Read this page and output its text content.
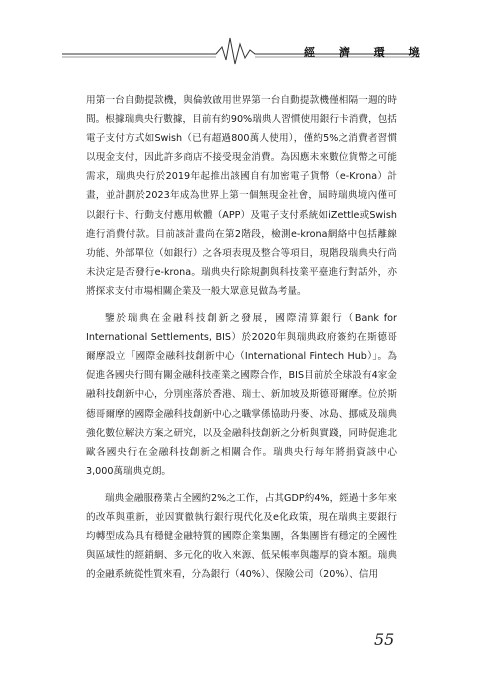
經 濟 環 境

用第一台自動提款機，與倫敦啟用世界第一台自動提款機僅相隔一週的時間。根據瑞典央行數據，目前有約90%瑞典人習慣使用銀行卡消費，包括電子支付方式如Swish（已有超過800萬人使用），僅約5%之消費者習慣以現金支付，因此許多商店不接受現金消費。為因應未來數位貨幣之可能需求，瑞典央行於2019年起推出該國自有加密電子貨幣（e-Krona）計畫，並計劃於2023年成為世界上第一個無現金社會，屆時瑞典境內僅可以銀行卡、行動支付應用軟體（APP）及電子支付系統如iZettle或Swish進行消費付款。目前該計畫尚在第2階段，檢測e-krona網絡中包括離線功能、外部單位（如銀行）之各項表現及整合等項目，現階段瑞典央行尚未決定是否發行e-krona。瑞典央行除規劃與科技業平臺進行對話外，亦將探求支付市場相關企業及一般大眾意見做為考量。

鑒於瑞典在金融科技創新之發展，國際清算銀行（Bank for International Settlements, BIS）於2020年與瑞典政府簽約在斯德哥爾摩設立「國際金融科技創新中心（International Fintech Hub）」。為促進各國央行間有關金融科技產業之國際合作，BIS目前於全球設有4家金融科技創新中心，分別座落於香港、瑞士、新加坡及斯德哥爾摩。位於斯德哥爾摩的國際金融科技創新中心之職掌係協助丹麥、冰島、挪威及瑞典強化數位解決方案之研究，以及金融科技創新之分析與實踐，同時促進北歐各國央行在金融科技創新之相關合作。瑞典央行每年將捐資該中心3,000萬瑞典克朗。

瑞典金融服務業占全國約2%之工作，占其GDP約4%，經過十多年來的改革與重新，並因實徹執行銀行現代化及e化政策，現在瑞典主要銀行均轉型成為具有穩健金融特質的國際企業集團，各集團皆有穩定的全國性與區域性的經銷網、多元化的收入來源、低呆帳率與趨厚的資本額。瑞典的金融系統從性質來看，分為銀行（40%）、保險公司（20%）、信用

55
